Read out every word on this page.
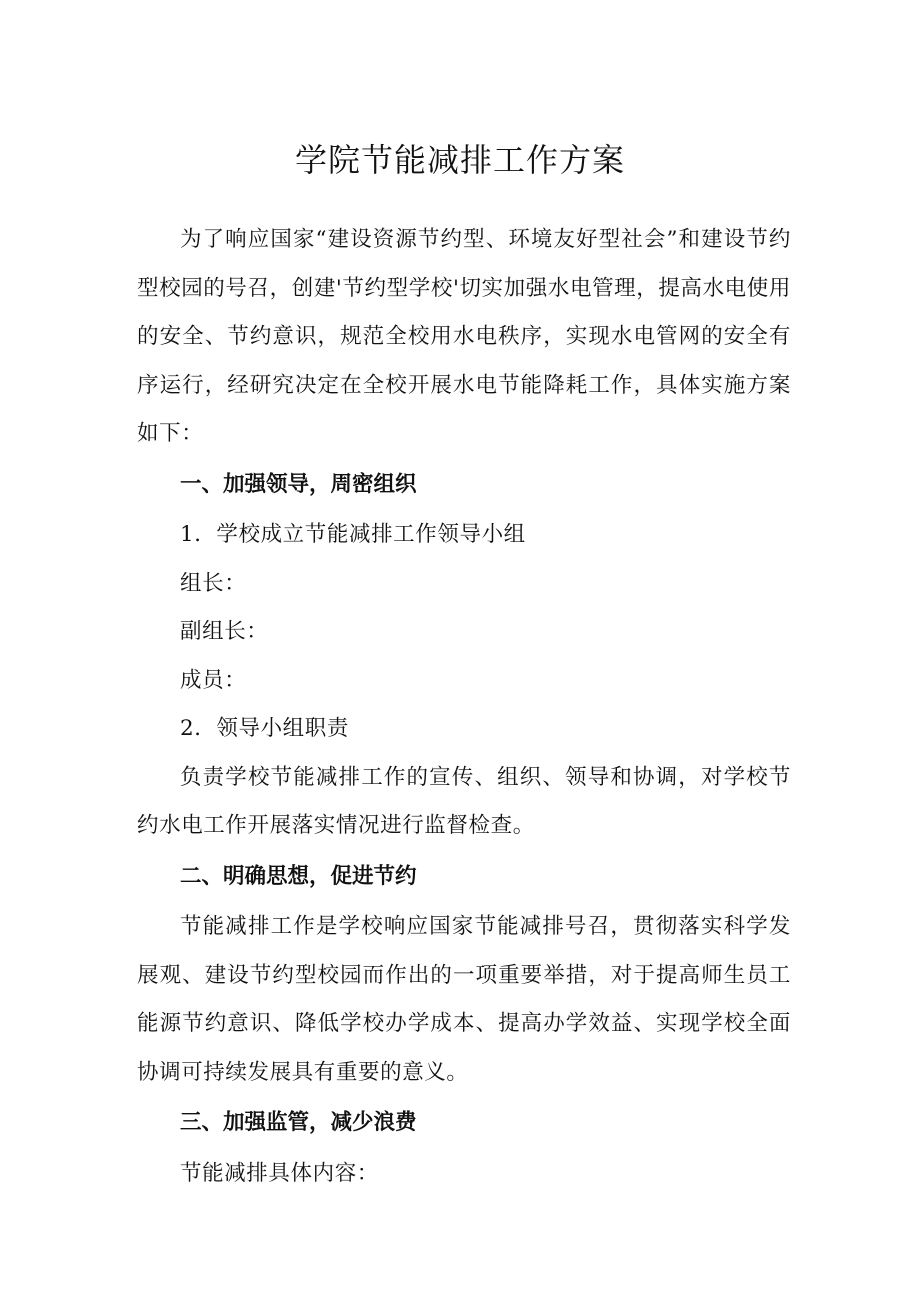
学院节能减排工作方案

为了响应国家“建设资源节约型、环境友好型社会”和建设节约型校园的号召，创建'节约型学校'切实加强水电管理，提高水电使用的安全、节约意识，规范全校用水电秩序，实现水电管网的安全有序运行，经研究决定在全校开展水电节能降耗工作，具体实施方案如下：

一、加强领导，周密组织

1．学校成立节能减排工作领导小组

组长：

副组长：

成员：

2．领导小组职责

负责学校节能减排工作的宣传、组织、领导和协调，对学校节约水电工作开展落实情况进行监督检查。

二、明确思想，促进节约

节能减排工作是学校响应国家节能减排号召，贯彻落实科学发展观、建设节约型校园而作出的一项重要举措，对于提高师生员工能源节约意识、降低学校办学成本、提高办学效益、实现学校全面协调可持续发展具有重要的意义。

三、加强监管，减少浪费

节能减排具体内容：
